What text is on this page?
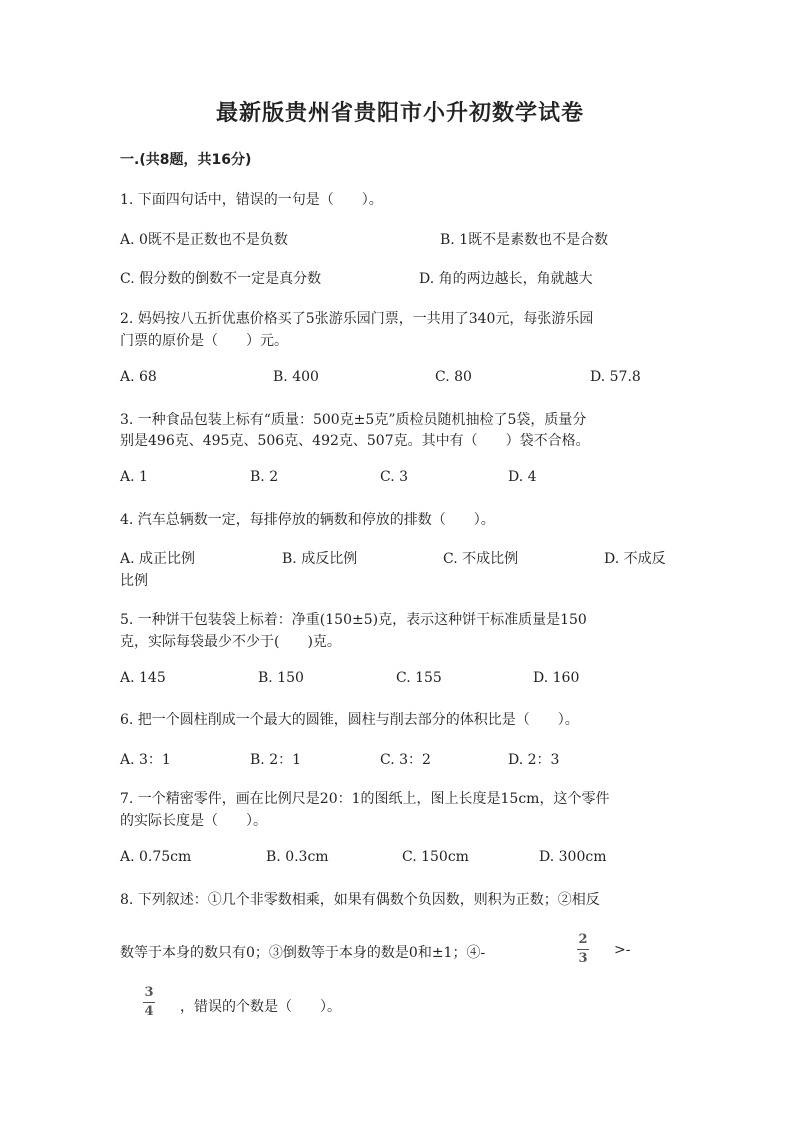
最新版贵州省贵阳市小升初数学试卷
一.(共8题，共16分)
1. 下面四句话中，错误的一句是（　　）。
A. 0既不是正数也不是负数	B. 1既不是素数也不是合数
C. 假分数的倒数不一定是真分数	D. 角的两边越长，角就越大
2. 妈妈按八五折优惠价格买了5张游乐园门票，一共用了340元，每张游乐园
门票的原价是（　　）元。
A. 68	B. 400	C. 80	D. 57.8
3. 一种食品包装上标有“质量：500克±5克”质检员随机抽检了5袋，质量分
别是496克、495克、506克、492克、507克。其中有（　　）袋不合格。
A. 1	B. 2	C. 3	D. 4
4. 汽车总辆数一定，每排停放的辆数和停放的排数（　　）。
A. 成正比例	B. 成反比例	C. 不成比例	D. 不成反
比例
5. 一种饼干包装袋上标着：净重(150±5)克，表示这种饼干标准质量是150
克，实际每袋最少不少于(　　)克。
A. 145	B. 150	C. 155	D. 160
6. 把一个圆柱削成一个最大的圆锥，圆柱与削去部分的体积比是（　　）。
A. 3：1	B. 2：1	C. 3：2	D. 2：3
7. 一个精密零件，画在比例尺是20：1的图纸上，图上长度是15cm，这个零件
的实际长度是（　　）。
A. 0.75cm	B. 0.3cm	C. 150cm	D. 300cm
8. 下列叙述：①几个非零数相乘，如果有偶数个负因数，则积为正数；②相反
数等于本身的数只有0；③倒数等于本身的数是0和±1；④-
2
3
>-
3
4 ，错误的个数是（　　）。
